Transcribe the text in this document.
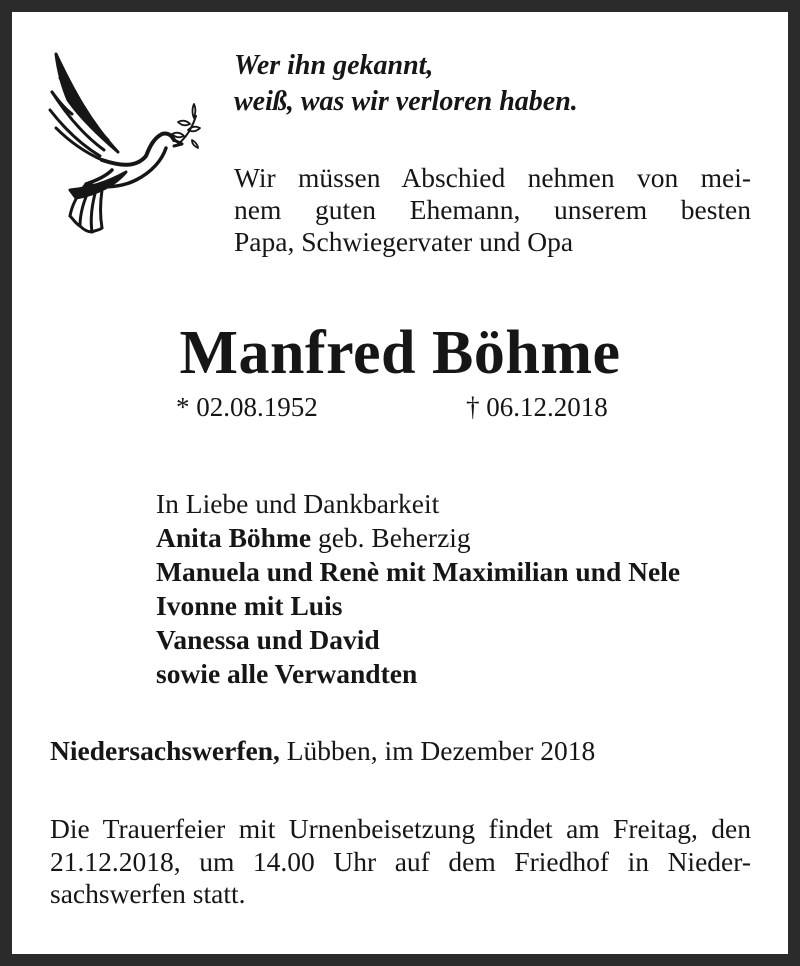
Wer ihn gekannt,
weiß, was wir verloren haben.
Wir müssen Abschied nehmen von mei-
nem guten Ehemann, unserem besten
Papa, Schwiegervater und Opa
Manfred Böhme
* 02.08.1952	† 06.12.2018
In Liebe und Dankbarkeit
Anita Böhme geb. Beherzig
Manuela und Renè mit Maximilian und Nele
Ivonne mit Luis
Vanessa und David
sowie alle Verwandten
Niedersachswerfen, Lübben, im Dezember 2018
Die Trauerfeier mit Urnenbeisetzung findet am Freitag, den
21.12.2018, um 14.00 Uhr auf dem Friedhof in Nieder-
sachswerfen statt.
